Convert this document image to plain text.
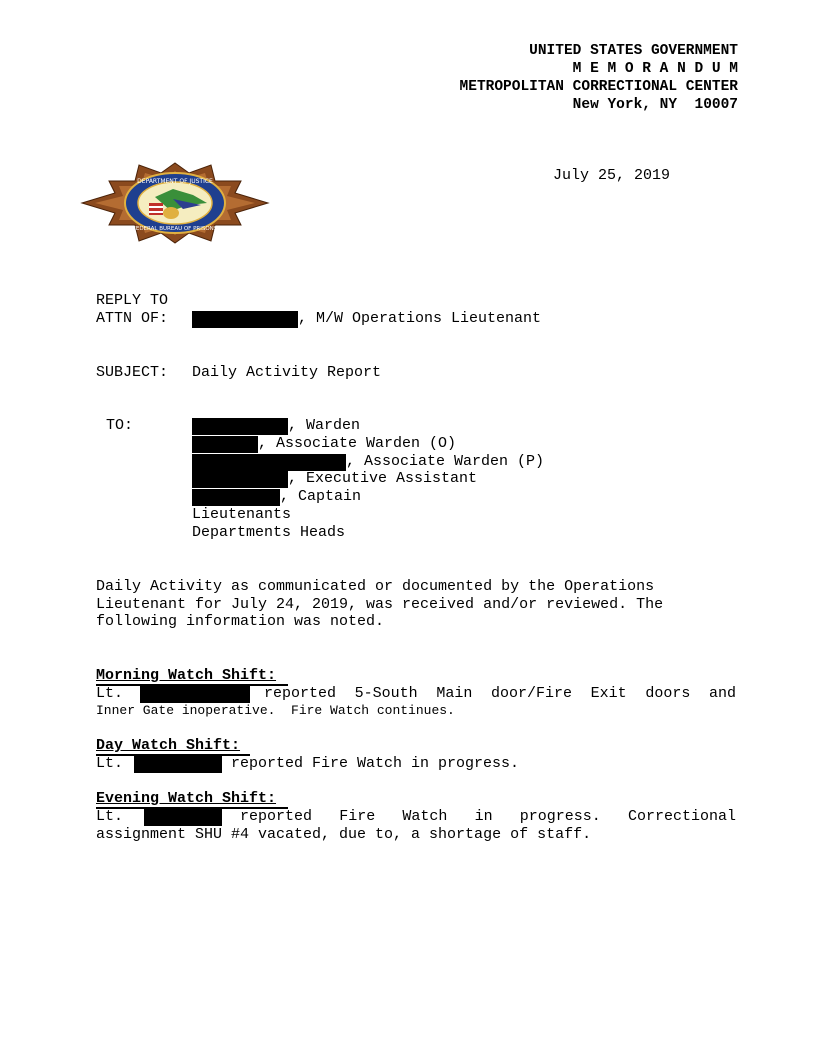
UNITED STATES GOVERNMENT
M E M O R A N D U M
METROPOLITAN CORRECTIONAL CENTER
New York, NY  10007
DEPARTMENT OF JUSTICE
FEDERAL BUREAU OF PRISONS
July 25, 2019
REPLY TO
ATTN OF:	, M/W Operations Lieutenant
SUBJECT: Daily Activity Report
TO:	, Warden
, Associate Warden (O)
, Associate Warden (P)
, Executive Assistant
, Captain
Lieutenants
Departments Heads
Daily Activity as communicated or documented by the Operations
Lieutenant for July 24, 2019, was received and/or reviewed. The
following information was noted.
Morning Watch Shift:
Lt.	reported 5-South Main door/Fire Exit doors and
Inner Gate inoperative.  Fire Watch continues.
Day Watch Shift:
Lt.	reported Fire Watch in progress.
Evening Watch Shift:
Lt.	reported Fire Watch in progress. Correctional
assignment SHU #4 vacated, due to, a shortage of staff.
